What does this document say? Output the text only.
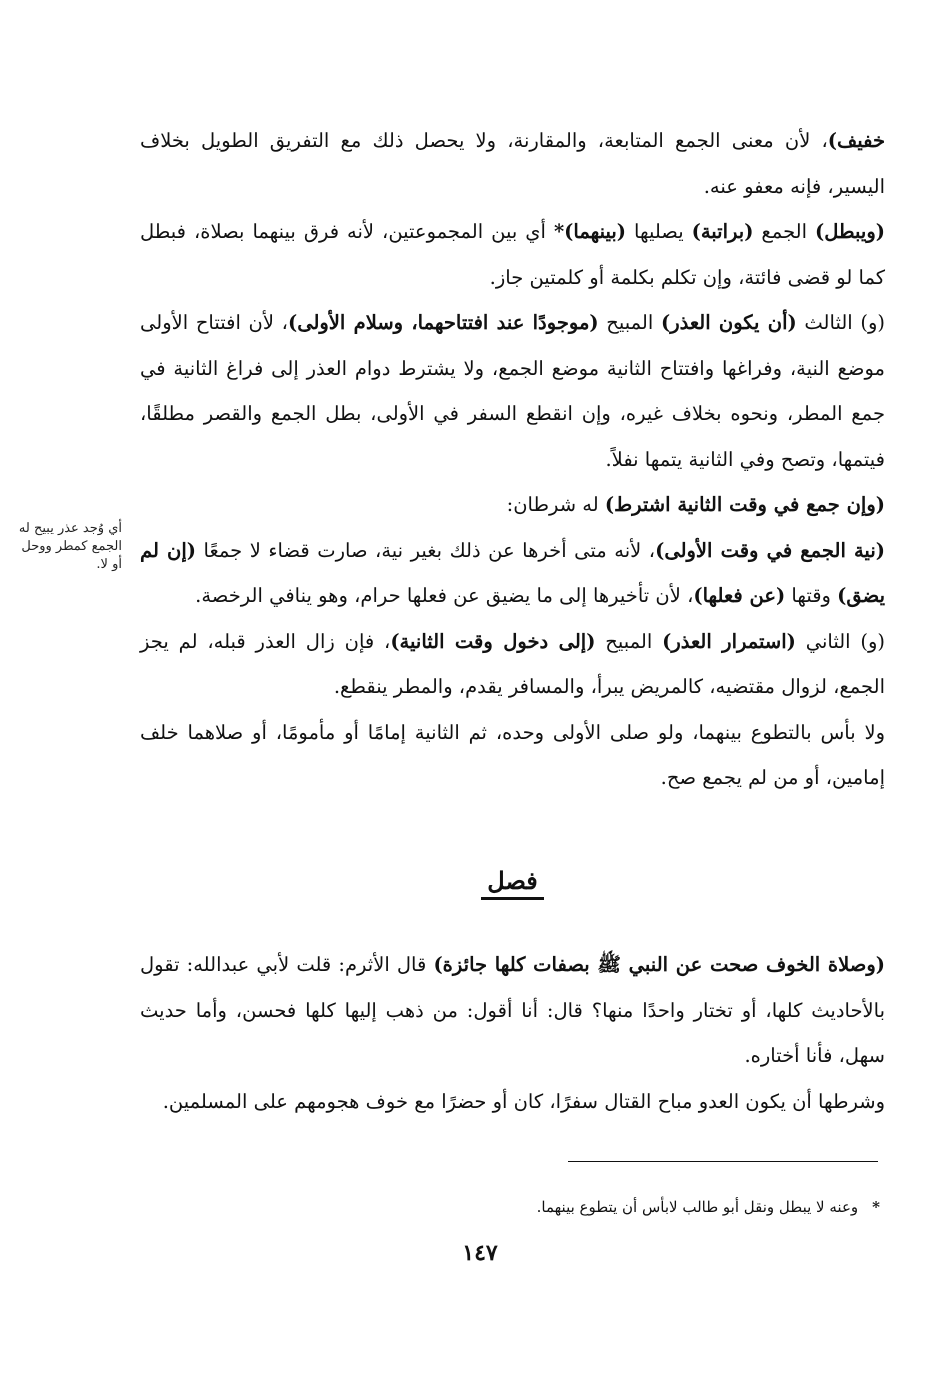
خفيف)، لأن معنى الجمع المتابعة، والمقارنة، ولا يحصل ذلك مع التفريق الطويل بخلاف اليسير، فإنه معفو عنه.

(ويبطل) الجمع (براتبة) يصليها (بينهما)* أي بين المجموعتين، لأنه فرق بينهما بصلاة، فبطل كما لو قضى فائتة، وإن تكلم بكلمة أو كلمتين جاز.

(و) الثالث (أن يكون العذر) المبيح (موجودًا عند افتتاحهما، وسلام الأولى)، لأن افتتاح الأولى موضع النية، وفراغها وافتتاح الثانية موضع الجمع، ولا يشترط دوام العذر إلى فراغ الثانية في جمع المطر، ونحوه بخلاف غيره، وإن انقطع السفر في الأولى، بطل الجمع والقصر مطلقًا، فيتمها، وتصح وفي الثانية يتمها نفلاً.

(وإن جمع في وقت الثانية اشترط) له شرطان:

(نية الجمع في وقت الأولى)، لأنه متى أخرها عن ذلك بغير نية، صارت قضاء لا جمعًا (إن لم يضق) وقتها (عن فعلها)، لأن تأخيرها إلى ما يضيق عن فعلها حرام، وهو ينافي الرخصة.

(و) الثاني (استمرار العذر) المبيح (إلى دخول وقت الثانية)، فإن زال العذر قبله، لم يجز الجمع، لزوال مقتضيه، كالمريض يبرأ، والمسافر يقدم، والمطر ينقطع.

ولا بأس بالتطوع بينهما، ولو صلى الأولى وحده، ثم الثانية إمامًا أو مأمومًا، أو صلاهما خلف إمامين، أو من لم يجمع صح.

أي وُجد عذر يبيح له الجمع كمطر ووحل أو لا.
فصل

(وصلاة الخوف صحت عن النبي ﷺ بصفات كلها جائزة) قال الأثرم: قلت لأبي عبدالله: تقول بالأحاديث كلها، أو تختار واحدًا منها؟ قال: أنا أقول: من ذهب إليها كلها فحسن، وأما حديث سهل، فأنا أختاره.

وشرطها أن يكون العدو مباح القتال سفرًا، كان أو حضرًا مع خوف هجومهم على المسلمين.

*وعنه لا يبطل ونقل أبو طالب لابأس أن يتطوع بينهما.
١٤٧
